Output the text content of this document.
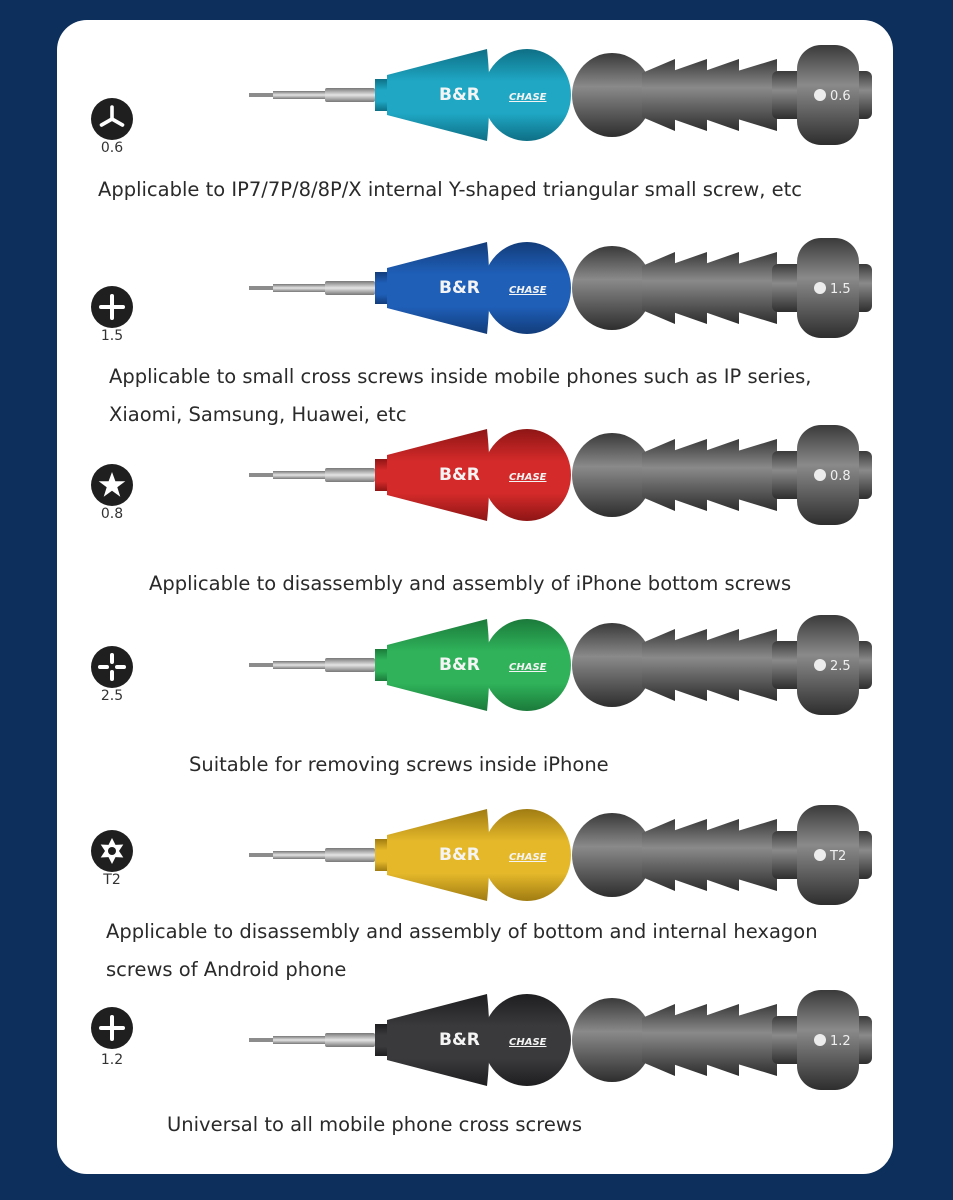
0.6
B&R	CHASE	0.6
Applicable to IP7/7P/8/8P/X internal Y-shaped triangular small screw, etc
1.5
B&R	CHASE	1.5
Applicable to small cross screws inside mobile phones such as IP series,
Xiaomi, Samsung, Huawei, etc
0.8
B&R	CHASE	0.8
Applicable to disassembly and assembly of iPhone bottom screws
2.5
B&R	CHASE	2.5
Suitable for removing screws inside iPhone
T2
B&R	CHASE	T2
Applicable to disassembly and assembly of bottom and internal hexagon
screws of Android phone
1.2
B&R	CHASE	1.2
Universal to all mobile phone cross screws
